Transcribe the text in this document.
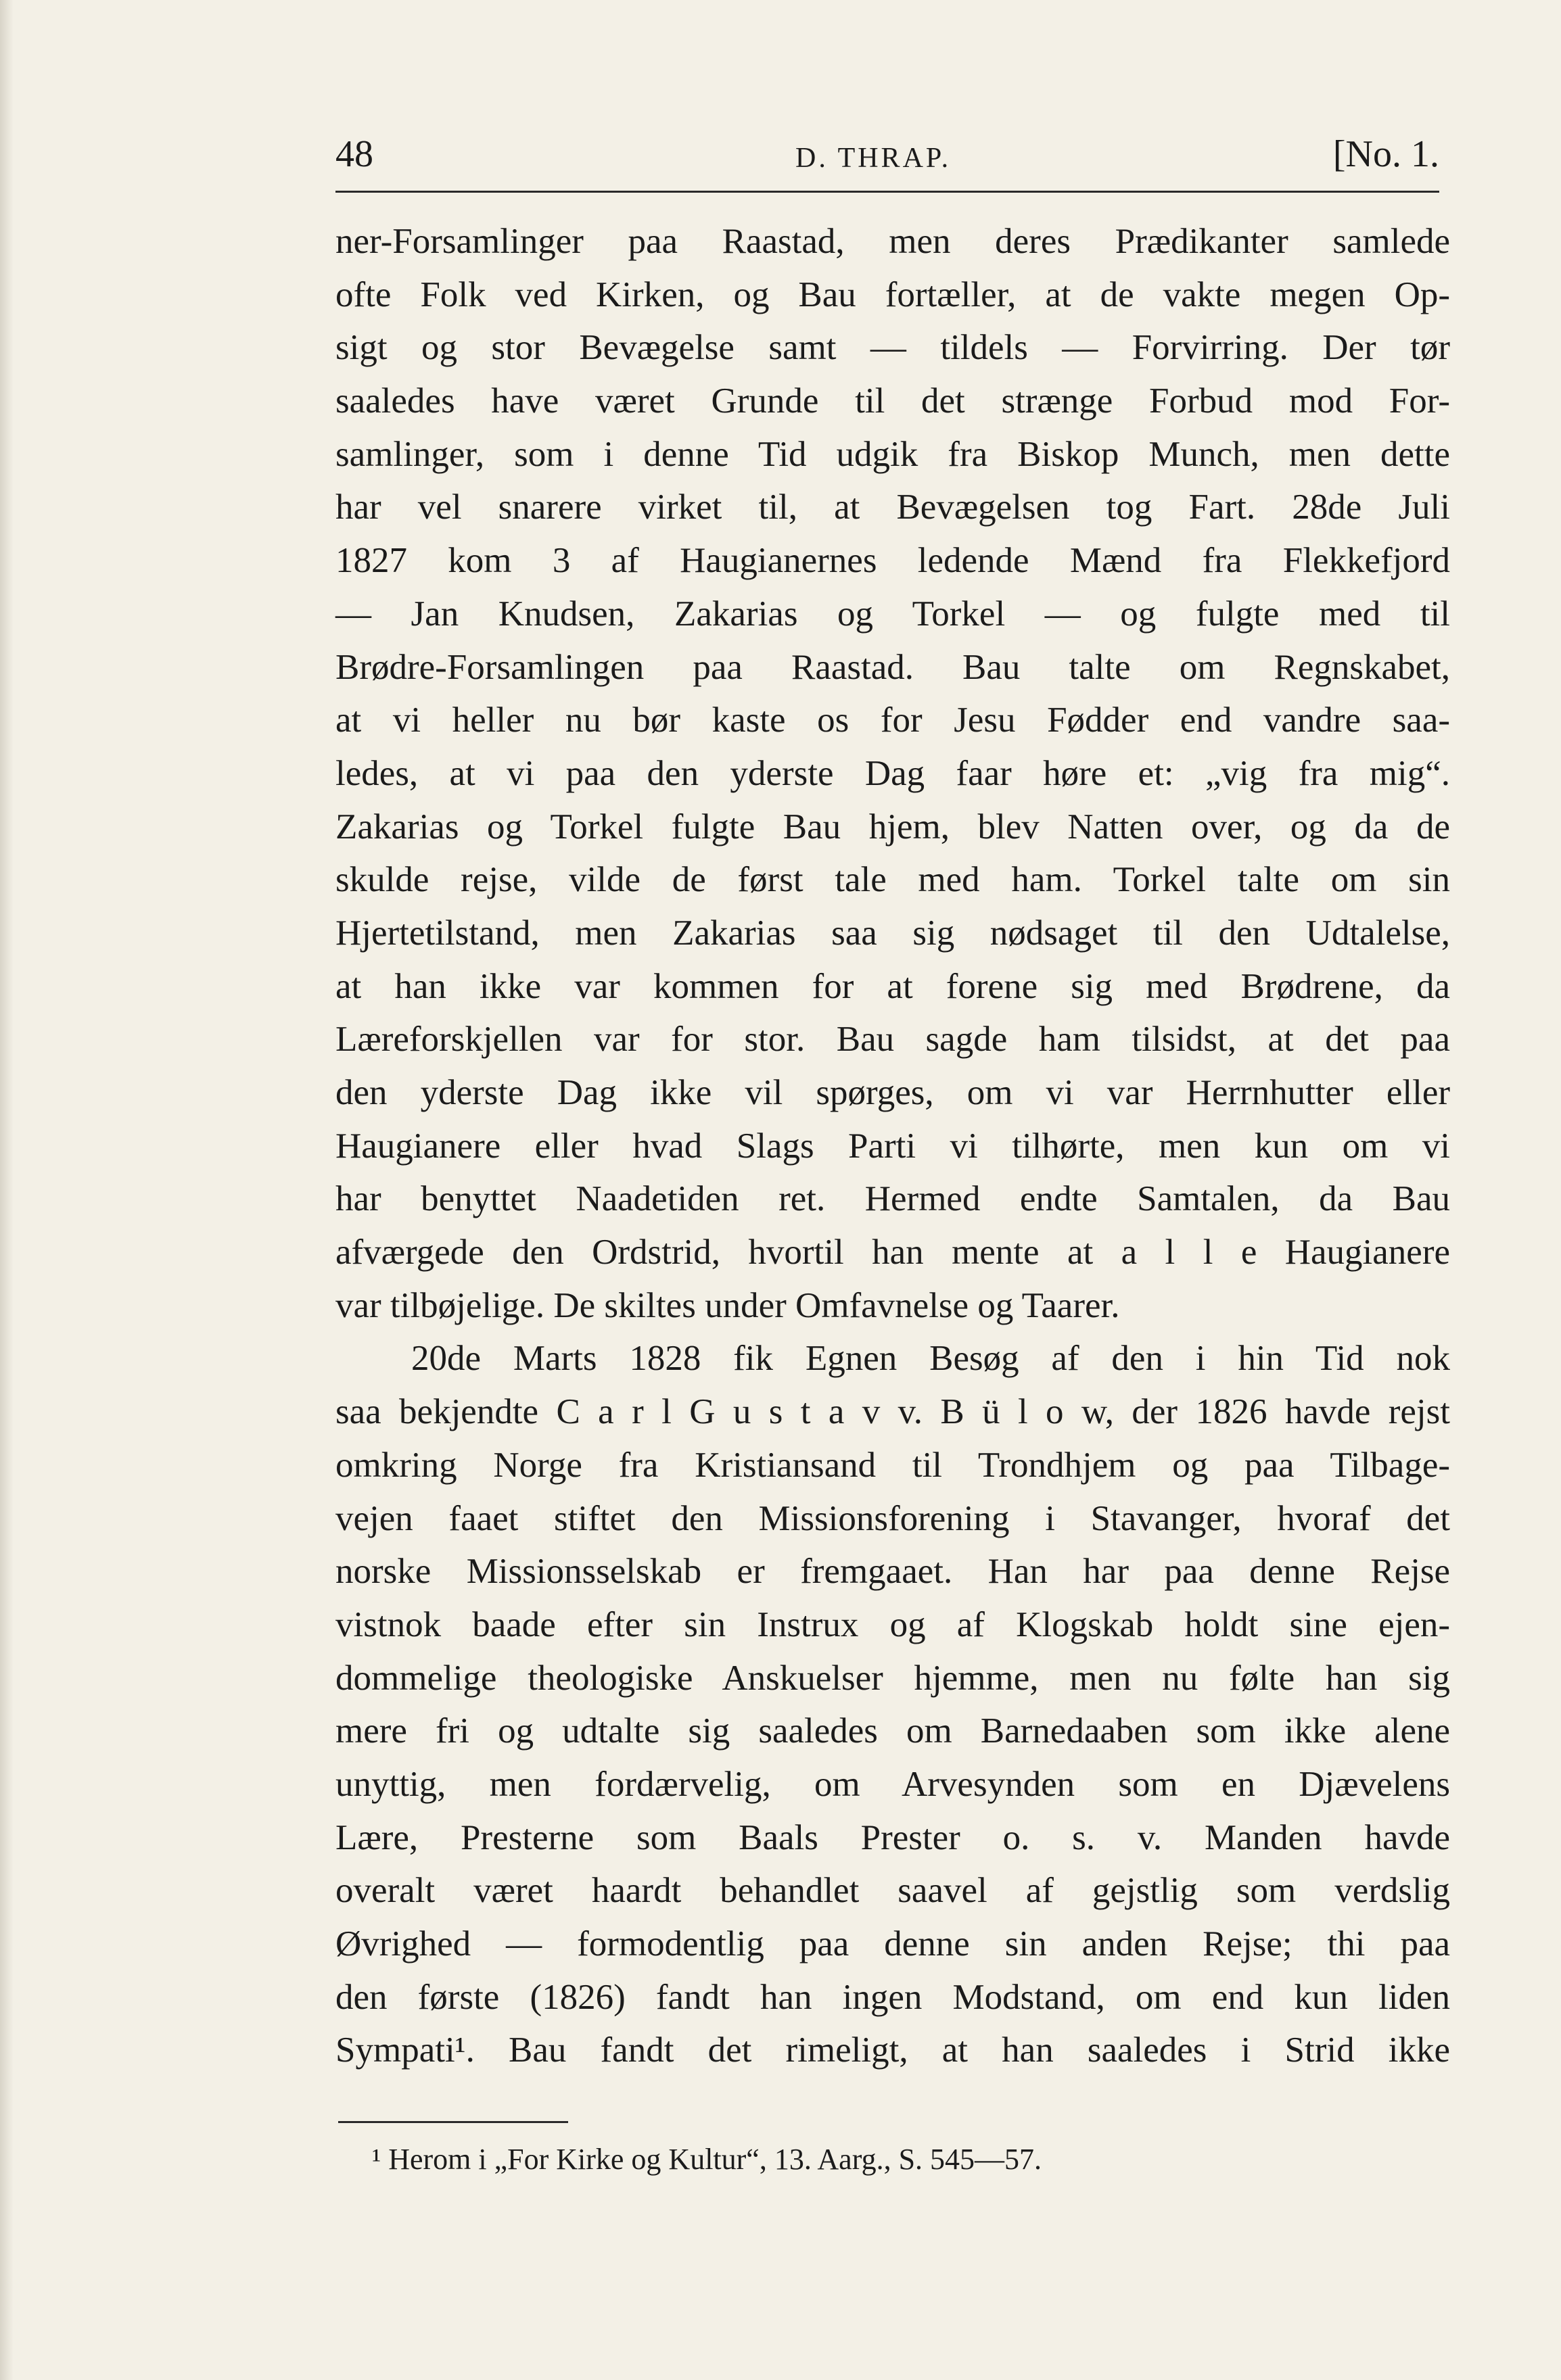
48	D. THRAP.	[No. 1.
ner-Forsamlinger paa Raastad, men deres Prædikanter samlede
ofte Folk ved Kirken, og Bau fortæller, at de vakte megen Op-
sigt og stor Bevægelse samt — tildels — Forvirring. Der tør
saaledes have været Grunde til det strænge Forbud mod For-
samlinger, som i denne Tid udgik fra Biskop Munch, men dette
har vel snarere virket til, at Bevægelsen tog Fart. 28de Juli
1827 kom 3 af Haugianernes ledende Mænd fra Flekkefjord
— Jan Knudsen, Zakarias og Torkel — og fulgte med til
Brødre-Forsamlingen paa Raastad. Bau talte om Regnskabet,
at vi heller nu bør kaste os for Jesu Fødder end vandre saa-
ledes, at vi paa den yderste Dag faar høre et: „vig fra mig“.
Zakarias og Torkel fulgte Bau hjem, blev Natten over, og da de
skulde rejse, vilde de først tale med ham. Torkel talte om sin
Hjertetilstand, men Zakarias saa sig nødsaget til den Udtalelse,
at han ikke var kommen for at forene sig med Brødrene, da
Læreforskjellen var for stor. Bau sagde ham tilsidst, at det paa
den yderste Dag ikke vil spørges, om vi var Herrnhutter eller
Haugianere eller hvad Slags Parti vi tilhørte, men kun om vi
har benyttet Naadetiden ret. Hermed endte Samtalen, da Bau
afværgede den Ordstrid, hvortil han mente at a l l e Haugianere
var tilbøjelige. De skiltes under Omfavnelse og Taarer.
20de Marts 1828 fik Egnen Besøg af den i hin Tid nok
saa bekjendte C a r l G u s t a v v. B ü l o w, der 1826 havde rejst
omkring Norge fra Kristiansand til Trondhjem og paa Tilbage-
vejen faaet stiftet den Missionsforening i Stavanger, hvoraf det
norske Missionsselskab er fremgaaet. Han har paa denne Rejse
vistnok baade efter sin Instrux og af Klogskab holdt sine ejen-
dommelige theologiske Anskuelser hjemme, men nu følte han sig
mere fri og udtalte sig saaledes om Barnedaaben som ikke alene
unyttig, men fordærvelig, om Arvesynden som en Djævelens
Lære, Presterne som Baals Prester o. s. v. Manden havde
overalt været haardt behandlet saavel af gejstlig som verdslig
Øvrighed — formodentlig paa denne sin anden Rejse; thi paa
den første (1826) fandt han ingen Modstand, om end kun liden
Sympati¹. Bau fandt det rimeligt, at han saaledes i Strid ikke
¹ Herom i „For Kirke og Kultur“, 13. Aarg., S. 545—57.
